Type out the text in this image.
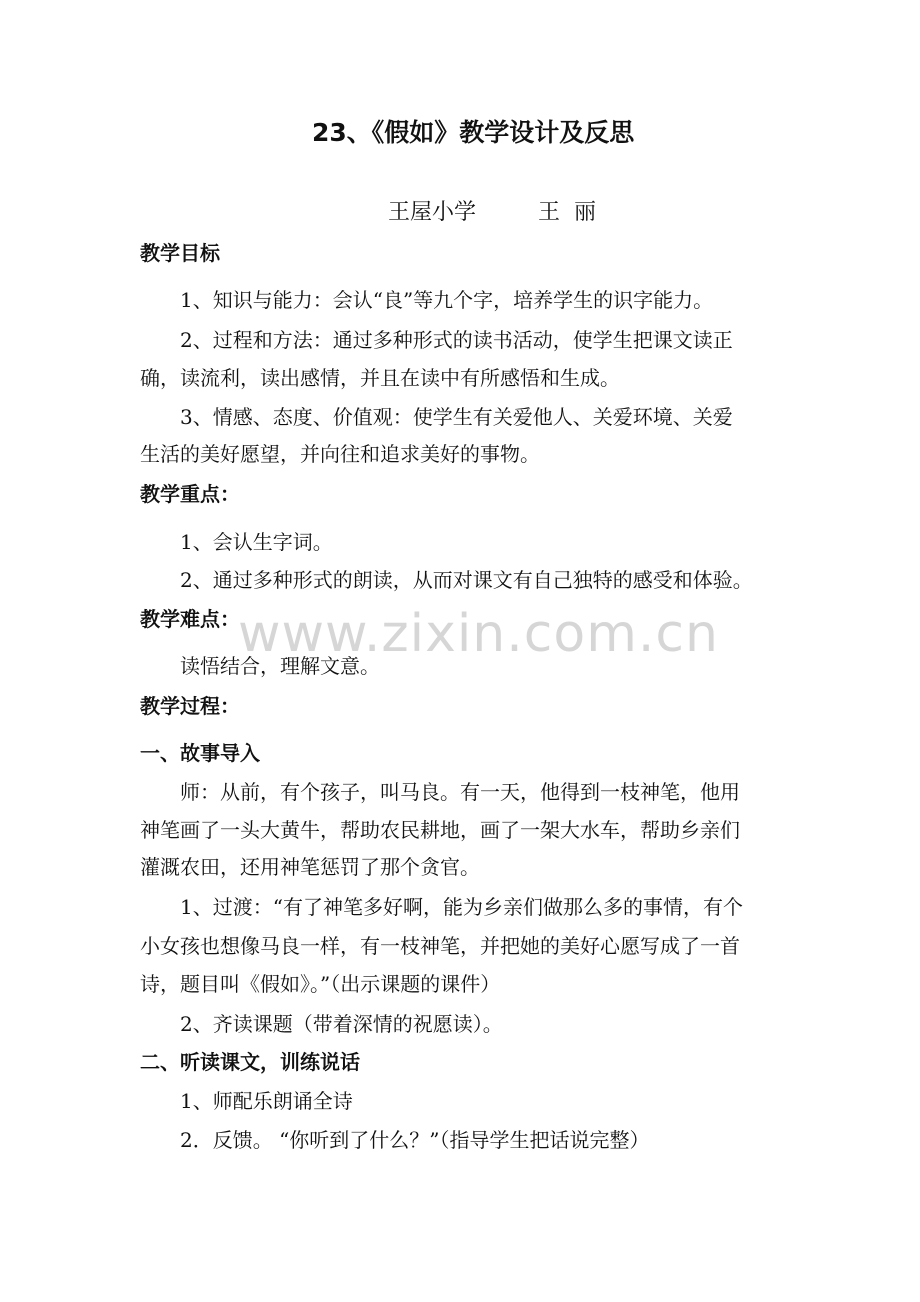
23、《假如》教学设计及反思
王屋小学	王  丽
教学目标
1、知识与能力：会认“良”等九个字，培养学生的识字能力。
2、过程和方法：通过多种形式的读书活动，使学生把课文读正
确，读流利，读出感情，并且在读中有所感悟和生成。
3、情感、态度、价值观：使学生有关爱他人、关爱环境、关爱
生活的美好愿望，并向往和追求美好的事物。
教学重点：
1、会认生字词。
2、通过多种形式的朗读，从而对课文有自己独特的感受和体验。
教学难点：
读悟结合，理解文意。
教学过程：
一、故事导入
师：从前，有个孩子，叫马良。有一天，他得到一枝神笔，他用
神笔画了一头大黄牛，帮助农民耕地，画了一架大水车，帮助乡亲们
灌溉农田，还用神笔惩罚了那个贪官。
1、过渡：“有了神笔多好啊，能为乡亲们做那么多的事情，有个
小女孩也想像马良一样，有一枝神笔，并把她的美好心愿写成了一首
诗，题目叫《假如》。”（出示课题的课件）
2、齐读课题（带着深情的祝愿读）。
二、听读课文，训练说话
1、师配乐朗诵全诗
2．反馈。 “你听到了什么？”（指导学生把话说完整）
www.zixin.com.cn
